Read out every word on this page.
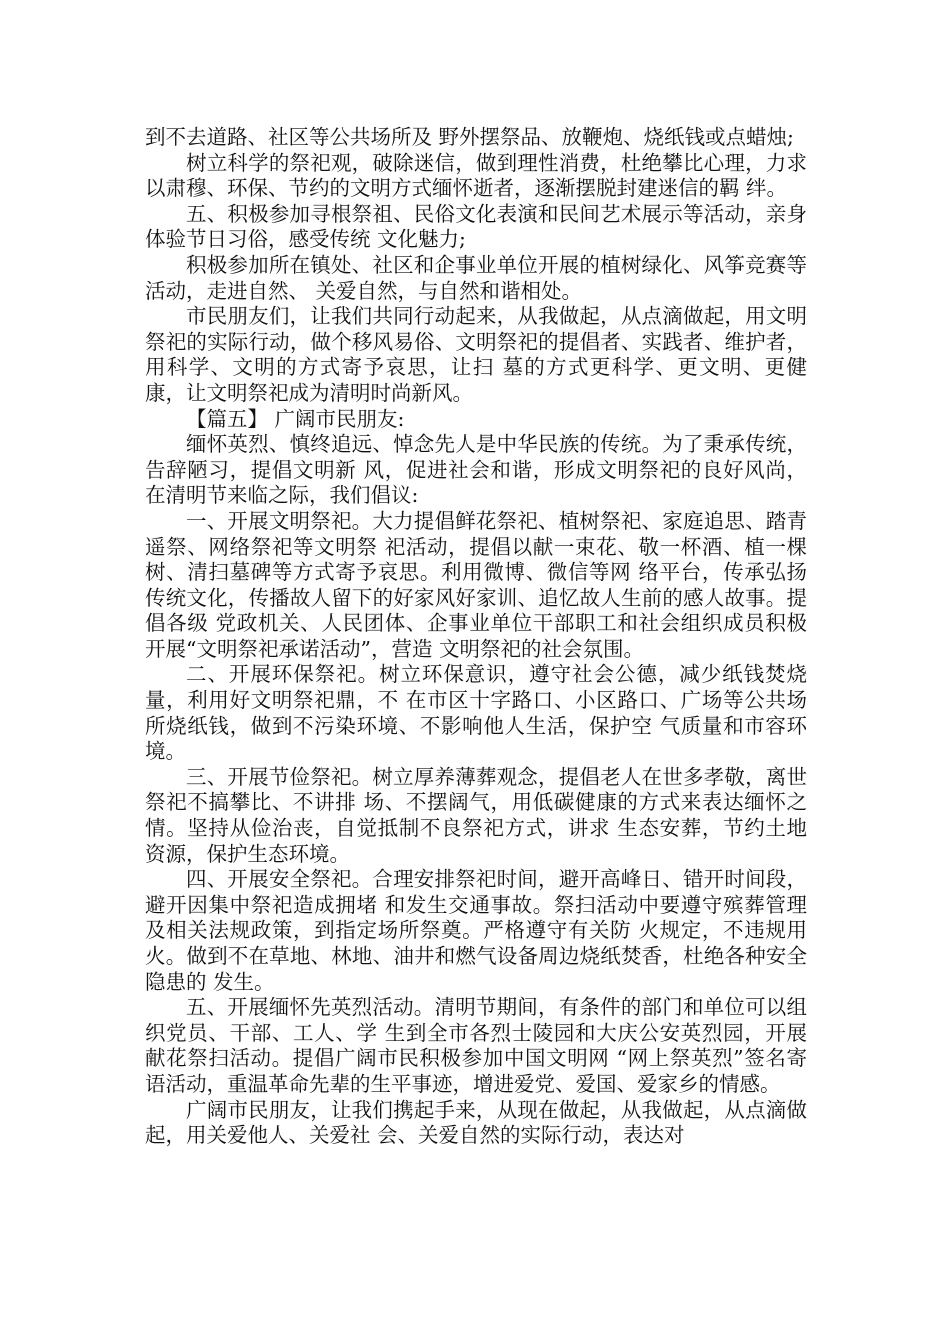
到不去道路、社区等公共场所及 野外摆祭品、放鞭炮、烧纸钱或点蜡烛;

树立科学的祭祀观，破除迷信，做到理性消费，杜绝攀比心理，力求以肃穆、环保、节约的文明方式缅怀逝者，逐渐摆脱封建迷信的羁 绊。

五、积极参加寻根祭祖、民俗文化表演和民间艺术展示等活动，亲身体验节日习俗，感受传统 文化魅力;

积极参加所在镇处、社区和企事业单位开展的植树绿化、风筝竞赛等活动，走进自然、 关爱自然，与自然和谐相处。

市民朋友们，让我们共同行动起来，从我做起，从点滴做起，用文明祭祀的实际行动，做个移风易俗、文明祭祀的提倡者、实践者、维护者，用科学、文明的方式寄予哀思，让扫 墓的方式更科学、更文明、更健康，让文明祭祀成为清明时尚新风。

【篇五】 广阔市民朋友:

缅怀英烈、慎终追远、悼念先人是中华民族的传统。为了秉承传统，告辞陋习，提倡文明新 风，促进社会和谐，形成文明祭祀的良好风尚，在清明节来临之际，我们倡议:

一、开展文明祭祀。大力提倡鲜花祭祀、植树祭祀、家庭追思、踏青遥祭、网络祭祀等文明祭 祀活动，提倡以献一束花、敬一杯酒、植一棵树、清扫墓碑等方式寄予哀思。利用微博、微信等网 络平台，传承弘扬传统文化，传播故人留下的好家风好家训、追忆故人生前的感人故事。提倡各级 党政机关、人民团体、企事业单位干部职工和社会组织成员积极开展“文明祭祀承诺活动”，营造 文明祭祀的社会氛围。

二、开展环保祭祀。树立环保意识，遵守社会公德，减少纸钱焚烧量，利用好文明祭祀鼎，不 在市区十字路口、小区路口、广场等公共场所烧纸钱，做到不污染环境、不影响他人生活，保护空 气质量和市容环境。

三、开展节俭祭祀。树立厚养薄葬观念，提倡老人在世多孝敬，离世祭祀不搞攀比、不讲排 场、不摆阔气，用低碳健康的方式来表达缅怀之情。坚持从俭治丧，自觉抵制不良祭祀方式，讲求 生态安葬，节约土地资源，保护生态环境。

四、开展安全祭祀。合理安排祭祀时间，避开高峰日、错开时间段，避开因集中祭祀造成拥堵 和发生交通事故。祭扫活动中要遵守殡葬管理及相关法规政策，到指定场所祭奠。严格遵守有关防 火规定，不违规用火。做到不在草地、林地、油井和燃气设备周边烧纸焚香，杜绝各种安全隐患的 发生。

五、开展缅怀先英烈活动。清明节期间，有条件的部门和单位可以组织党员、干部、工人、学 生到全市各烈士陵园和大庆公安英烈园，开展献花祭扫活动。提倡广阔市民积极参加中国文明网 “网上祭英烈”签名寄语活动，重温革命先辈的生平事迹，增进爱党、爱国、爱家乡的情感。

广阔市民朋友，让我们携起手来，从现在做起，从我做起，从点滴做起，用关爱他人、关爱社 会、关爱自然的实际行动，表达对
